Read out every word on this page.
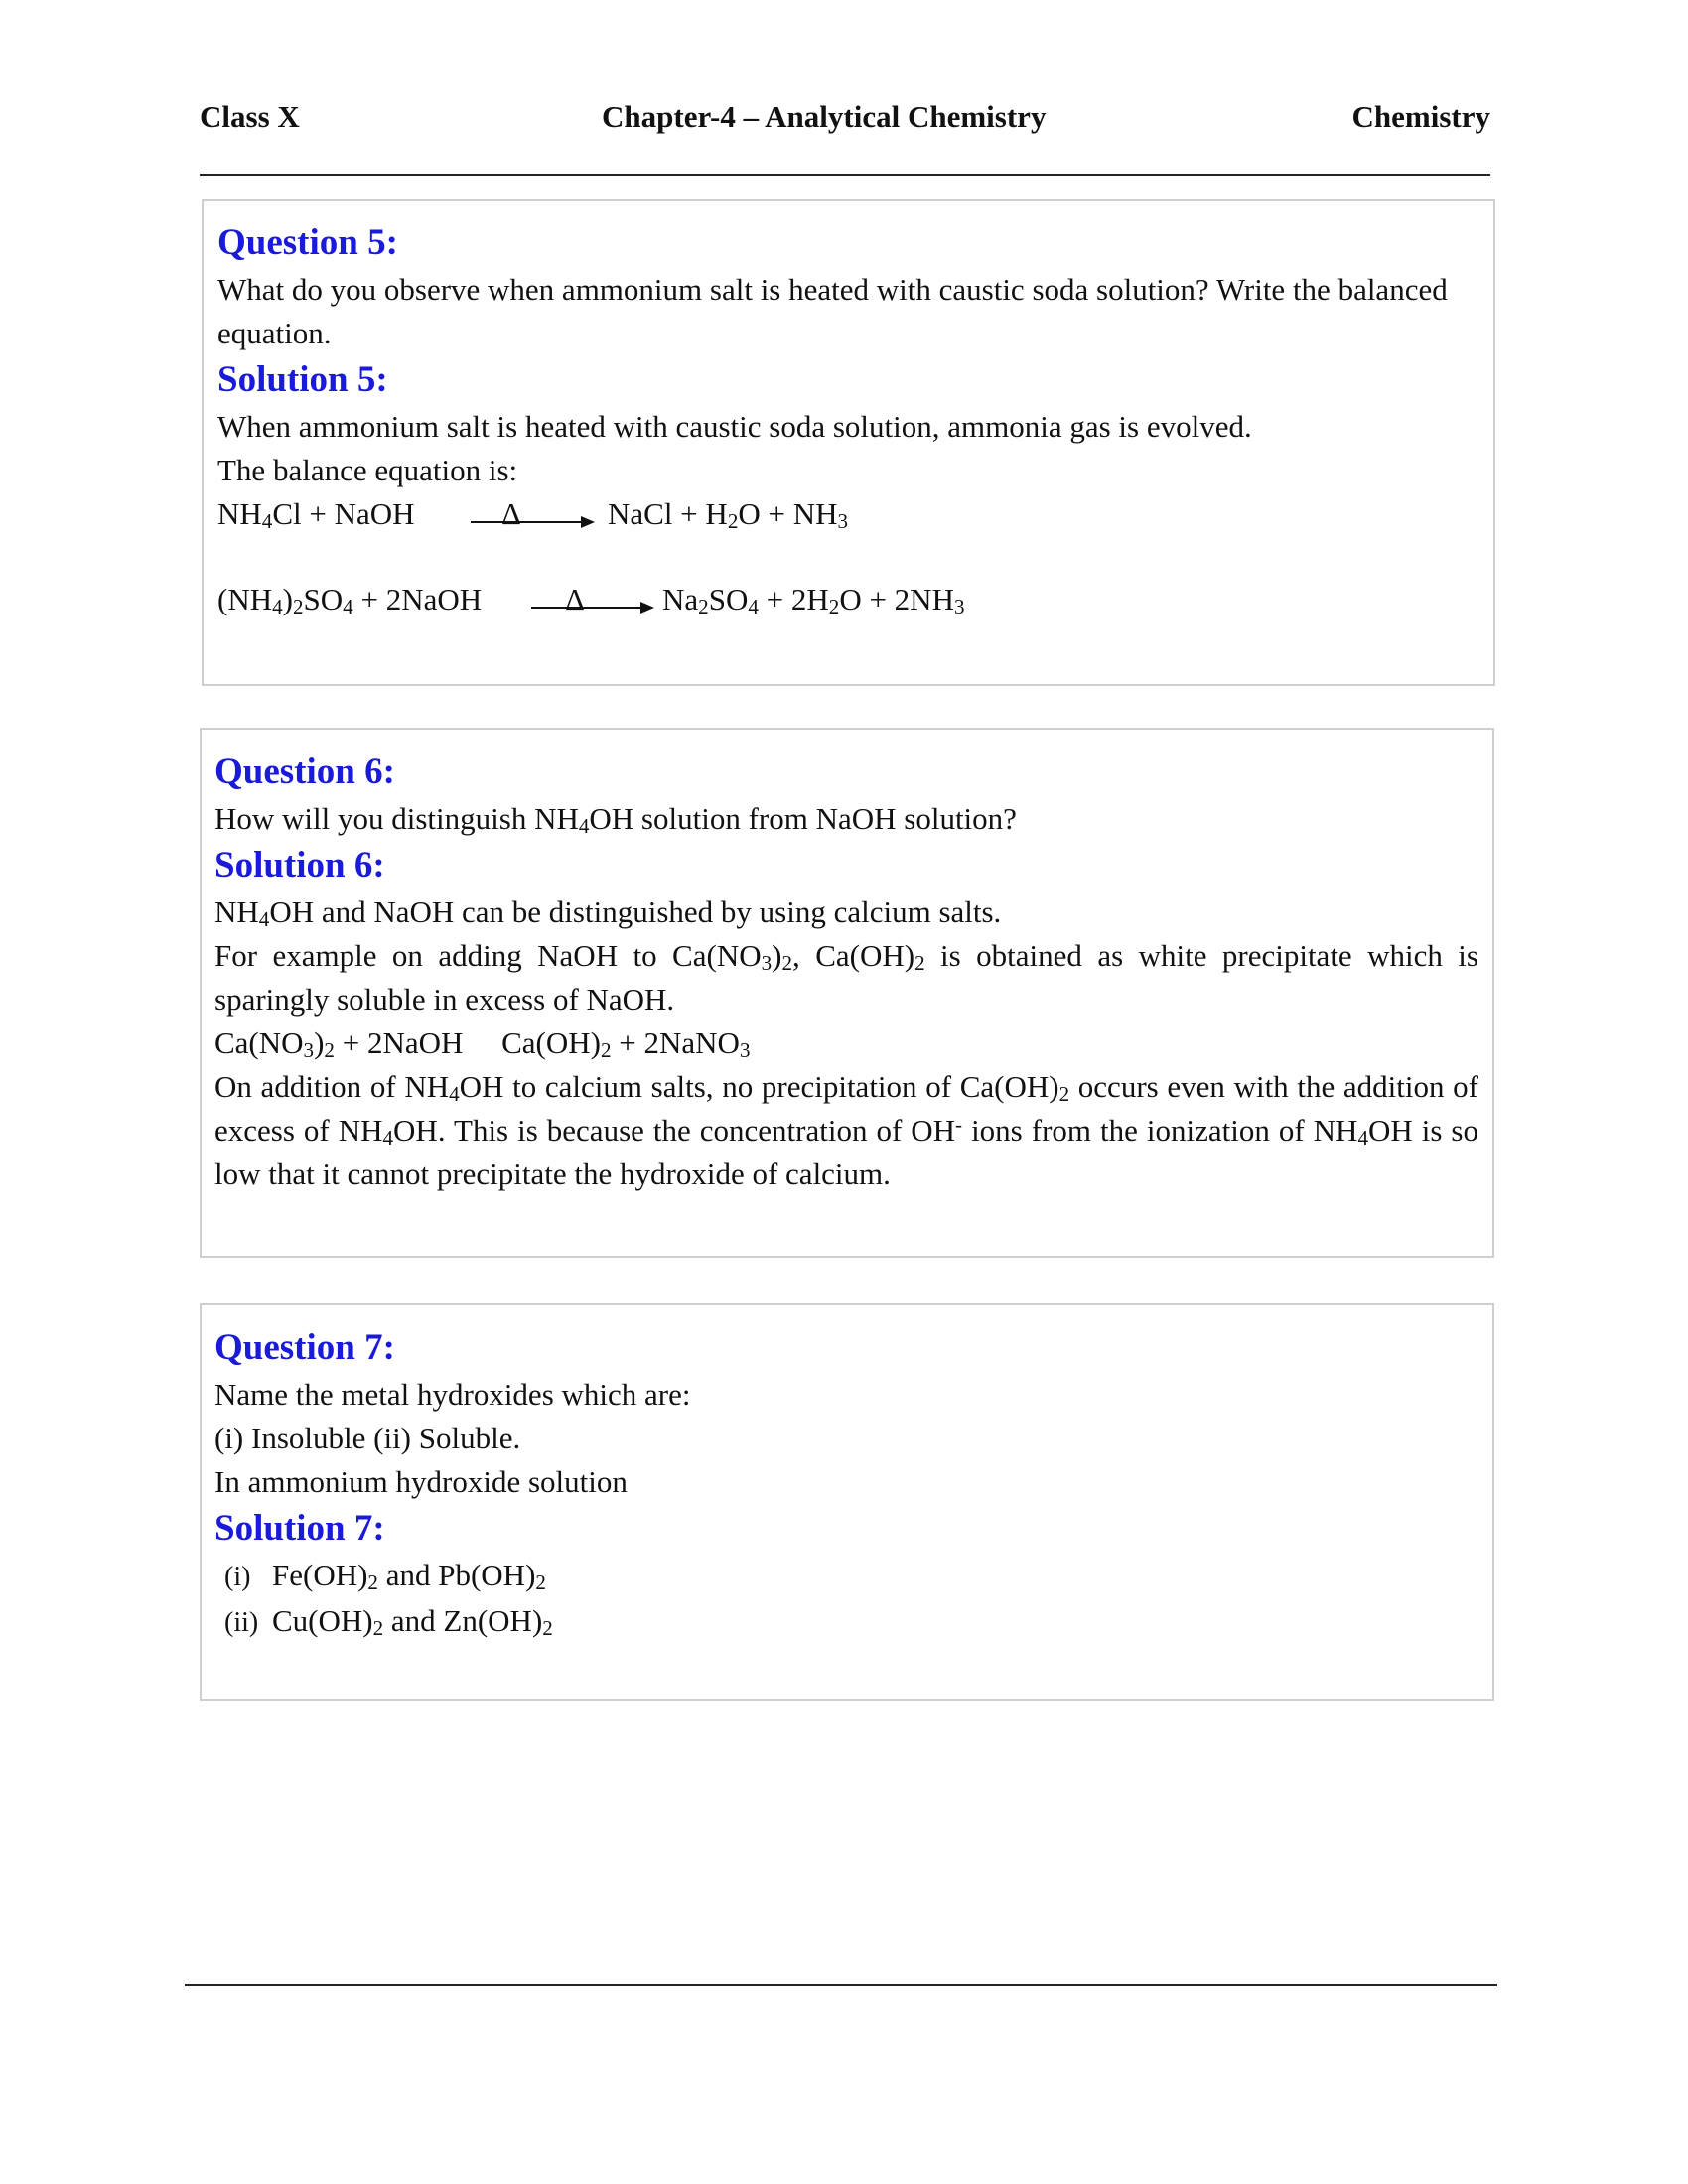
Class X	Chapter-4 – Analytical Chemistry	Chemistry
Question 5:
What do you observe when ammonium salt is heated with caustic soda solution? Write the balanced equation.
Solution 5:
When ammonium salt is heated with caustic soda solution, ammonia gas is evolved.
The balance equation is:
$NH_4Cl$ + NaOH	Δ	NaCl + $H_2O + NH_3$
$(NH_4)_2SO_4$ + 2NaOH	Δ	$Na_2SO_4 + 2H_2O + 2NH_3$
Question 6:
How will you distinguish $NH_4OH$ solution from NaOH solution?
Solution 6:
$NH_4OH$ and NaOH can be distinguished by using calcium salts.
For example on adding NaOH to $Ca(NO_3)_2$, $Ca(OH)_2$ is obtained as white precipitate which is sparingly soluble in excess of NaOH.
$Ca(NO_3)_2$ + 2NaOH     $Ca(OH)_2$ + 2NaNO$_3$
On addition of $NH_4OH$ to calcium salts, no precipitation of $Ca(OH)_2$ occurs even with the addition of excess of $NH_4OH$. This is because the concentration of OH- ions from the ionization of $NH_4OH$ is so low that it cannot precipitate the hydroxide of calcium.
Question 7:
Name the metal hydroxides which are:
(i) Insoluble (ii) Soluble.
In ammonium hydroxide solution
Solution 7:
(i) $Fe(OH)_2$ and $Pb(OH)_2$
(ii) $Cu(OH)_2$ and $Zn(OH)_2$
